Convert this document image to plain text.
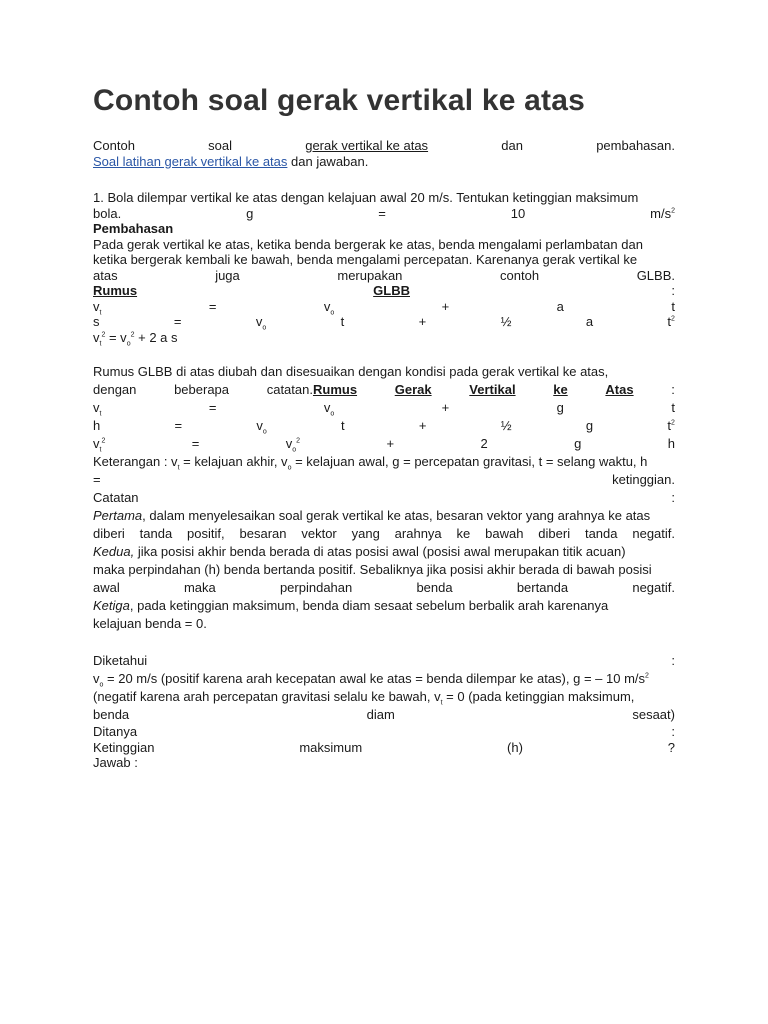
Contoh soal gerak vertikal ke atas
Contoh	soal	gerak vertikal ke atas	dan	pembahasan.
Soal latihan gerak vertikal ke atas dan jawaban.
1. Bola dilempar vertikal ke atas dengan kelajuan awal 20 m/s. Tentukan ketinggian maksimum
bola.	g	=	10	$m/s^2$
Pembahasan
Pada gerak vertikal ke atas, ketika benda bergerak ke atas, benda mengalami perlambatan dan
ketika bergerak kembali ke bawah, benda mengalami percepatan. Karenanya gerak vertikal ke
atas	juga	merupakan	contoh	GLBB.
Rumus	GLBB	:
$v_t$	=	$v_o$	+	a	t
s	=	$v_o$	t	+	½	a	$t^2$
$v_t^2 = v_o^2 + 2$ a s
Rumus GLBB di atas diubah dan disesuaikan dengan kondisi pada gerak vertikal ke atas,
dengan	beberapa	catatan.Rumus	Gerak	Vertikal	ke	Atas	:
$v_t$	=	$v_o$	+	g	t
h	=	$v_o$	t	+	½	g	$t^2$
$v_t^2$	=	$v_o^2$	+	2	g	h
Keterangan : $v_t$ = kelajuan akhir, $v_o$ = kelajuan awal, g = percepatan gravitasi, t = selang waktu, h
=	ketinggian.
Catatan	:
Pertama, dalam menyelesaikan soal gerak vertikal ke atas, besaran vektor yang arahnya ke atas
diberi tanda positif, besaran vektor yang arahnya ke bawah diberi tanda negatif.
Kedua, jika posisi akhir benda berada di atas posisi awal (posisi awal merupakan titik acuan)
maka perpindahan (h) benda bertanda positif. Sebaliknya jika posisi akhir berada di bawah posisi
awal	maka	perpindahan	benda	bertanda	negatif.
Ketiga, pada ketinggian maksimum, benda diam sesaat sebelum berbalik arah karenanya
kelajuan benda = 0.
Diketahui	:
$v_o = 20$ m/s (positif karena arah kecepatan awal ke atas = benda dilempar ke atas), g = – 10 $m/s^2$
(negatif karena arah percepatan gravitasi selalu ke bawah, $v_t = 0$ (pada ketinggian maksimum,
benda	diam	sesaat)
Ditanya	:
Ketinggian	maksimum	(h)	?
Jawab :
